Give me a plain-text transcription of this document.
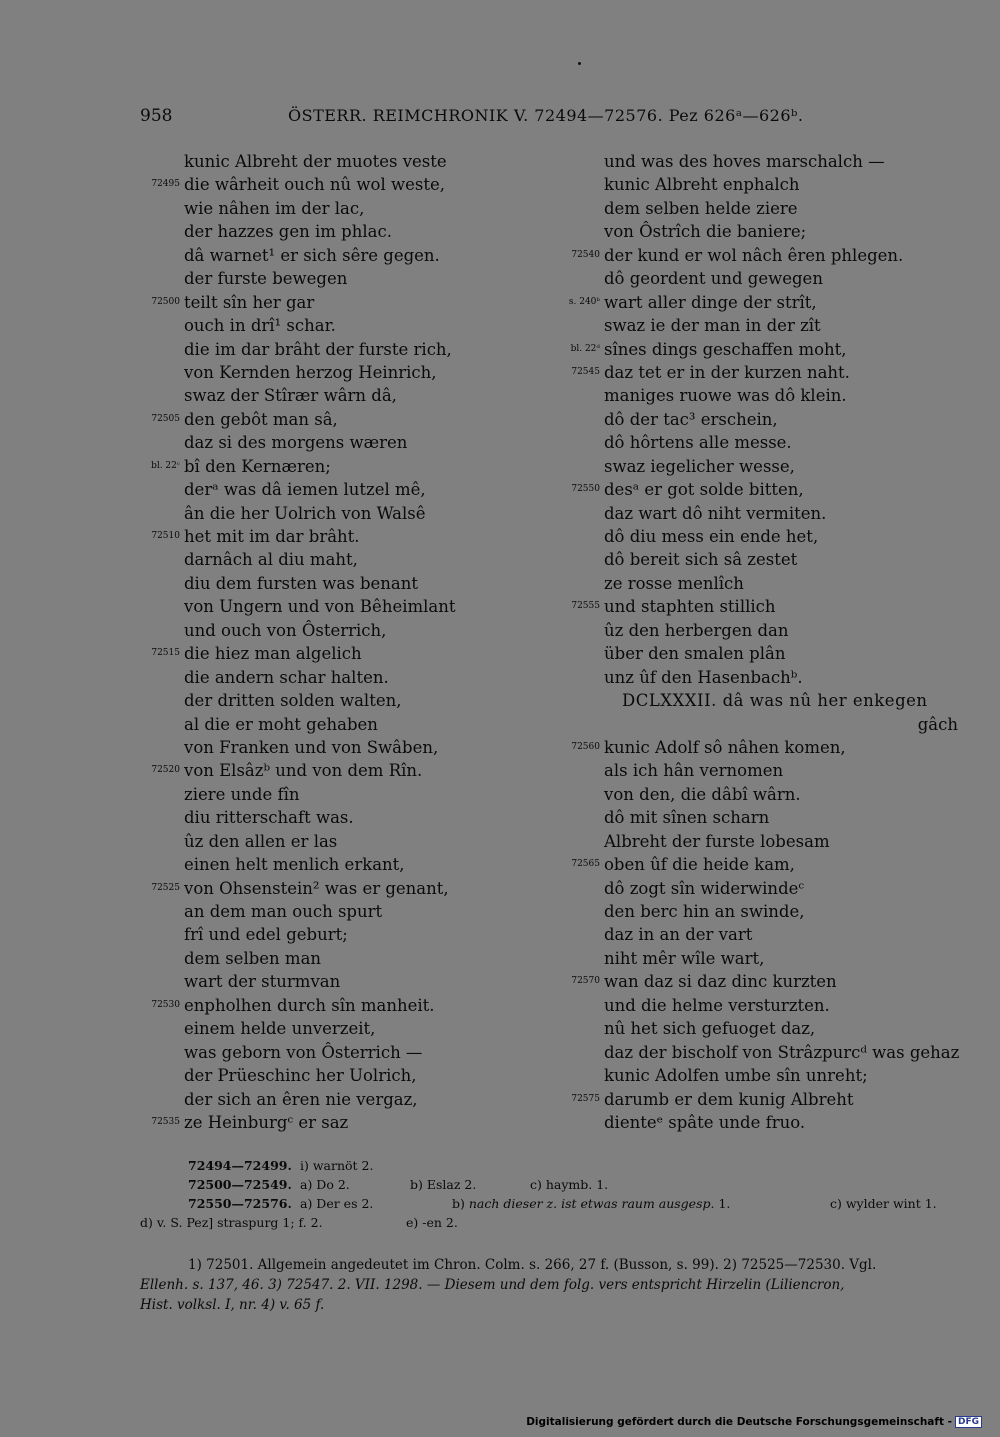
958	ÖSTERR. REIMCHRONIK V. 72494—72576. Pez 626ᵃ—626ᵇ.
kunic Albreht der muotes veste
72495 die wârheit ouch nû wol weste,
wie nâhen im der lac,
der hazzes gen im phlac.
dâ warnet¹ er sich sêre gegen.
der furste bewegen
72500 teilt sîn her gar
ouch in drî¹ schar.
die im dar brâht der furste rich,
von Kernden herzog Heinrich,
swaz der Stîrær wârn dâ,
72505 den gebôt man sâ,
daz si des morgens wæren
bl. 22ᶜ bî den Kernæren;
derᵃ was dâ iemen lutzel mê,
ân die her Uolrich von Walsê
72510 het mit im dar brâht.
darnâch al diu maht,
diu dem fursten was benant
von Ungern und von Bêheimlant
und ouch von Ôsterrich,
72515 die hiez man algelich
die andern schar halten.
der dritten solden walten,
al die er moht gehaben
von Franken und von Swâben,
72520 von Elsâzᵇ und von dem Rîn.
ziere unde fîn
diu ritterschaft was.
ûz den allen er las
einen helt menlich erkant,
72525 von Ohsenstein² was er genant,
an dem man ouch spurt
frî und edel geburt;
dem selben man
wart der sturmvan
72530 enpholhen durch sîn manheit.
einem helde unverzeit,
was geborn von Ôsterrich —
der Prüeschinc her Uolrich,
der sich an êren nie vergaz,
72535 ze Heinburgᶜ er saz
und was des hoves marschalch —
kunic Albreht enphalch
dem selben helde ziere
von Ôstrîch die baniere;
72540 der kund er wol nâch êren phlegen.
dô geordent und gewegen
s. 240ᵇ wart aller dinge der strît,
swaz ie der man in der zît
bl. 22ᵈ sînes dings geschaffen moht,
72545 daz tet er in der kurzen naht.
maniges ruowe was dô klein.
dô der tac³ erschein,
dô hôrtens alle messe.
swaz iegelicher wesse,
72550 desᵃ er got solde bitten,
daz wart dô niht vermiten.
dô diu mess ein ende het,
dô bereit sich sâ zestet
ze rosse menlîch
72555 und staphten stillich
ûz den herbergen dan
über den smalen plân
unz ûf den Hasenbachᵇ.
DCLXXXII. dâ was nû her enkegen
gâch
72560 kunic Adolf sô nâhen komen,
als ich hân vernomen
von den, die dâbî wârn.
dô mit sînen scharn
Albreht der furste lobesam
72565 oben ûf die heide kam,
dô zogt sîn widerwindeᶜ
den berc hin an swinde,
daz in an der vart
niht mêr wîle wart,
72570 wan daz si daz dinc kurzten
und die helme versturzten.
nû het sich gefuoget daz,
daz der bischolf von Strâzpurcᵈ was gehaz
kunic Adolfen umbe sîn unreht;
72575 darumb er dem kunig Albreht
dienteᵉ spâte unde fruo.
72494—72499. i) warnöt 2.
72500—72549. a) Do 2.	b) Eslaz 2.	c) haymb. 1.
72550—72576. a) Der es 2.	b) nach dieser z. ist etwas raum ausgesp. 1.	c) wylder wint 1.
d) v. S. Pez] straspurg 1; f. 2.	e) -en 2.
1) 72501. Allgemein angedeutet im Chron. Colm. s. 266, 27 f. (Busson, s. 99). 2) 72525—72530. Vgl.
Ellenh. s. 137, 46. 3) 72547. 2. VII. 1298. — Diesem und dem folg. vers entspricht Hirzelin (Liliencron,
Hist. volksl. I, nr. 4) v. 65 f.
Digitalisierung gefördert durch die Deutsche Forschungsgemeinschaft - DFG
